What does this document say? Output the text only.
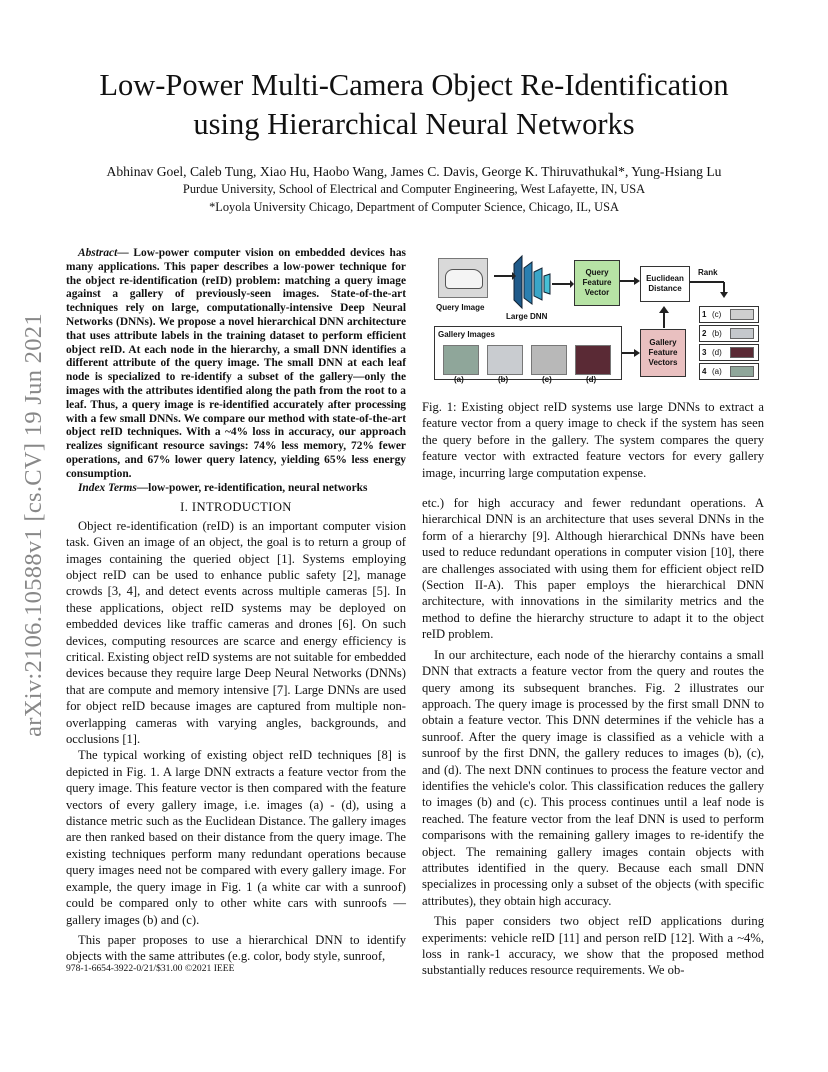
arXiv:2106.10588v1 [cs.CV] 19 Jun 2021
Low-Power Multi-Camera Object Re-Identification
using Hierarchical Neural Networks
Abhinav Goel, Caleb Tung, Xiao Hu, Haobo Wang, James C. Davis, George K. Thiruvathukal*, Yung-Hsiang Lu
Purdue University, School of Electrical and Computer Engineering, West Lafayette, IN, USA
*Loyola University Chicago, Department of Computer Science, Chicago, IL, USA

Abstract— Low-power computer vision on embedded devices has many applications. This paper describes a low-power technique for the object re-identification (reID) problem: matching a query image against a gallery of previously-seen images. State-of-the-art techniques rely on large, computationally-intensive Deep Neural Networks (DNNs). We propose a novel hierarchical DNN architecture that uses attribute labels in the training dataset to perform efficient object reID. At each node in the hierarchy, a small DNN identifies a different attribute of the query image. The small DNN at each leaf node is specialized to re-identify a subset of the gallery—only the images with the attributes identified along the path from the root to a leaf. Thus, a query image is re-identified accurately after processing with a few small DNNs. We compare our method with state-of-the-art object reID techniques. With a ~4% loss in accuracy, our approach realizes significant resource savings: 74% less memory, 72% fewer operations, and 67% lower query latency, yielding 65% less energy consumption.

Index Terms—low-power, re-identification, neural networks

I. INTRODUCTION

Object re-identification (reID) is an important computer vision task. Given an image of an object, the goal is to return a group of images containing the queried object [1]. Systems employing object reID can be used to enhance public safety [2], manage crowds [3, 4], and detect events across multiple cameras [5]. In these applications, object reID systems may be deployed on embedded devices like traffic cameras and drones [6]. On such devices, computing resources are scarce and energy efficiency is critical. Existing object reID systems are not suitable for embedded devices because they require large Deep Neural Networks (DNNs) that are compute and memory intensive [7]. Large DNNs are used for object reID because images are captured from multiple non-overlapping cameras with varying angles, backgrounds, and occlusions [1].

The typical working of existing object reID techniques [8] is depicted in Fig. 1. A large DNN extracts a feature vector from the query image. This feature vector is then compared with the feature vectors of every gallery image, i.e. images (a) - (d), using a distance metric such as the Euclidean Distance. The gallery images are then ranked based on their distance from the query image. The existing techniques perform many redundant operations because query images need not be compared with every gallery image. For example, the query image in Fig. 1 (a white car with a sunroof) could be compared only to other white cars with sunroofs — gallery images (b) and (c).

This paper proposes to use a hierarchical DNN to identify objects with the same attributes (e.g. color, body style, sunroof,

Query Image
Large DNN
Query Feature Vector
Euclidean Distance
Rank
Gallery Feature Vectors
Gallery Images
(a)	(b)	(c)	(d)
1 (c)
2 (b)
3 (d)
4 (a)

Fig. 1: Existing object reID systems use large DNNs to extract a feature vector from a query image to check if the system has seen the query before in the gallery. The system compares the query feature vector with extracted feature vectors for every gallery image, incurring large computation expense.

etc.) for high accuracy and fewer redundant operations. A hierarchical DNN is an architecture that uses several DNNs in the form of a hierarchy [9]. Although hierarchical DNNs have been used to reduce redundant operations in computer vision [10], there are challenges associated with using them for efficient object reID (Section II-A). This paper employs the hierarchical DNN architecture, with innovations in the similarity metrics and the method to define the hierarchy structure to adapt it to the object reID problem.

In our architecture, each node of the hierarchy contains a small DNN that extracts a feature vector from the query and routes the query among its subsequent branches. Fig. 2 illustrates our approach. The query image is processed by the first small DNN to obtain a feature vector. This DNN determines if the vehicle has a sunroof. After the query image is classified as a vehicle with a sunroof by the first DNN, the gallery reduces to images (b), (c), and (d). The next DNN continues to process the feature vector and identifies the vehicle's color. This classification reduces the gallery to images (b) and (c). This process continues until a leaf node is reached. The feature vector from the leaf DNN is used to perform comparisons with the remaining gallery images to re-identify the object. The remaining gallery images contain objects with attributes identified in the query. Because each small DNN specializes in processing only a subset of the objects (with specific attributes), they obtain high accuracy.

This paper considers two object reID applications during experiments: vehicle reID [11] and person reID [12]. With a ~4%, loss in rank-1 accuracy, we show that the proposed method substantially reduces resource requirements. We ob-

978-1-6654-3922-0/21/$31.00 ©2021 IEEE
